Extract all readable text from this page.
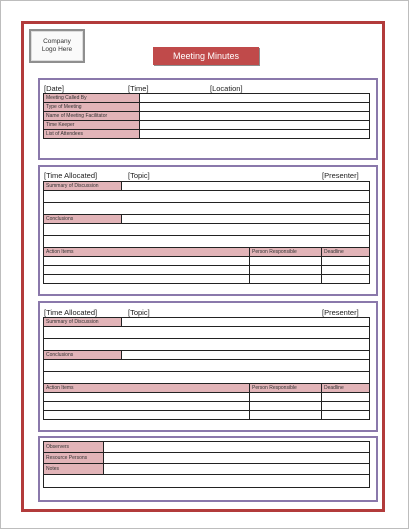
Company
Logo Here
Meeting Minutes
[Date]	[Time]	[Location]
Meeting Called By	
Type of Meeting	
Name of Meeting Facilitator	
Time Keeper	
List of Attendees	
[Time Allocated]	[Topic]	[Presenter]
Summary of Discussion			

Conclusions			

Action Items		Person Responsible	Deadline

[Time Allocated]	[Topic]	[Presenter]
Summary of Discussion			

Conclusions			

Action Items		Person Responsible	Deadline

Observers	
Resource Persons	
Notes	
